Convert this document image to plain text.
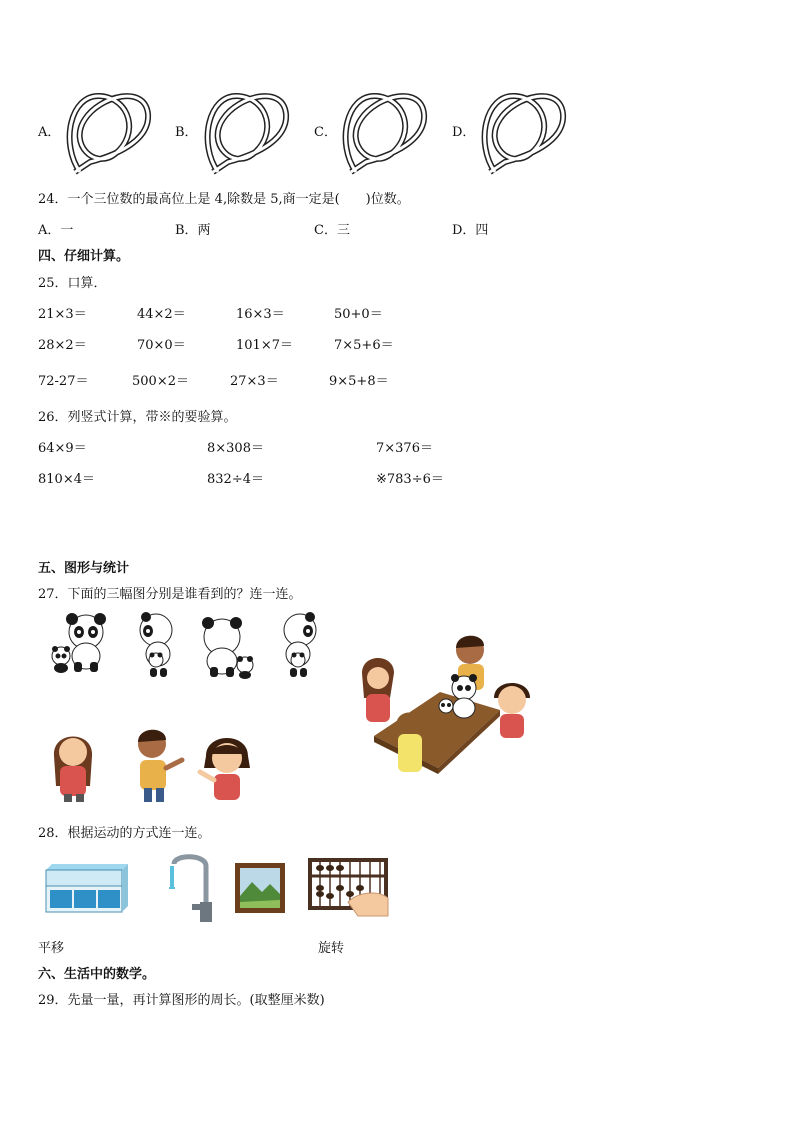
A．	B．	C．	D．
24．一个三位数的最高位上是 4,除数是 5,商一定是(　　)位数。
A．一	B．两	C．三	D．四
四、仔细计算。
25．口算．
21×3＝	44×2＝	16×3＝	50+0＝
28×2＝	70×0＝	101×7＝	7×5+6＝
72-27＝	500×2＝	27×3＝	9×5+8＝
26．列竖式计算，带※的要验算。
64×9＝	8×308＝	7×376＝
810×4＝	832÷4＝	※783÷6＝
五、图形与统计
27．下面的三幅图分别是谁看到的？连一连。
28．根据运动的方式连一连。
平移	旋转
六、生活中的数学。
29．先量一量，再计算图形的周长。(取整厘米数)
